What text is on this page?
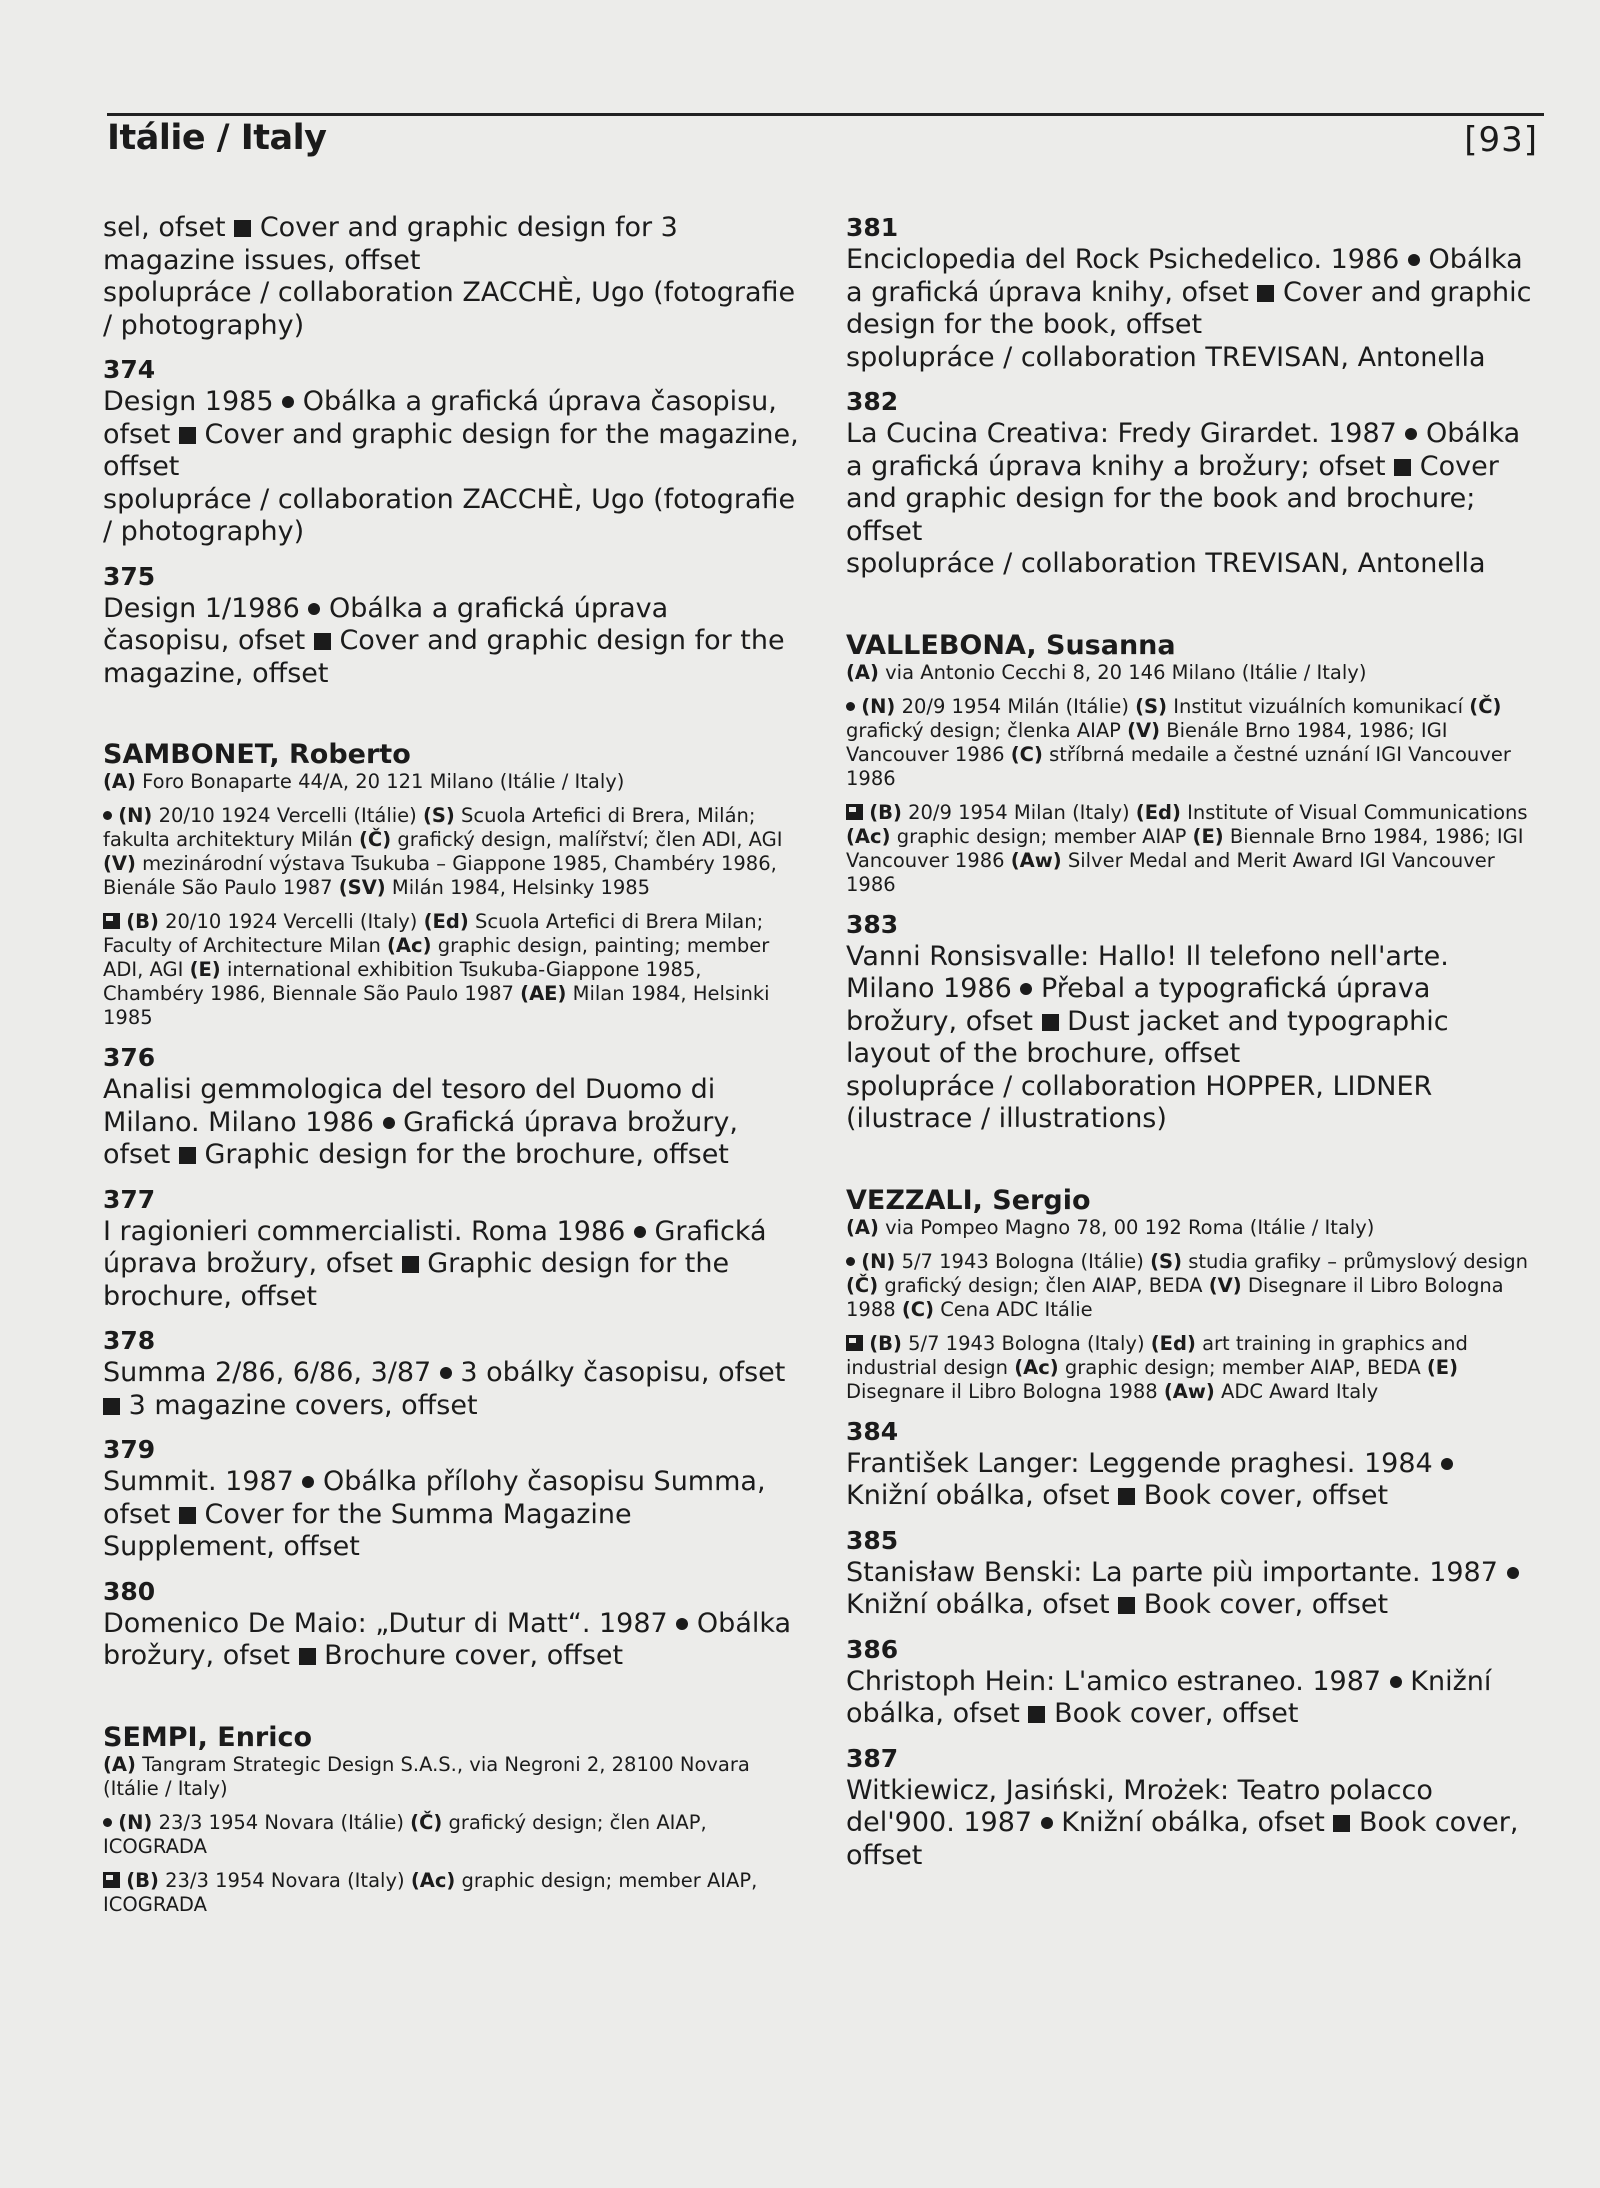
Itálie / Italy	[93]
sel, ofset Cover and graphic design for 3 magazine issues, offset
spolupráce / collaboration ZACCHÈ, Ugo (fotografie / photography)
374
Design 1985 Obálka a grafická úprava časopisu, ofset Cover and graphic design for the magazine, offset
spolupráce / collaboration ZACCHÈ, Ugo (fotografie / photography)
375
Design 1/1986 Obálka a grafická úprava časopisu, ofset Cover and graphic design for the magazine, offset
SAMBONET, Roberto
(A) Foro Bonaparte 44/A, 20 121 Milano (Itálie / Italy)
(N) 20/10 1924 Vercelli (Itálie) (S) Scuola Artefici di Brera, Milán; fakulta architektury Milán (Č) grafický design, malířství; člen ADI, AGI (V) mezinárodní výstava Tsukuba – Giappone 1985, Chambéry 1986, Bienále São Paulo 1987 (SV) Milán 1984, Helsinky 1985
(B) 20/10 1924 Vercelli (Italy) (Ed) Scuola Artefici di Brera Milan; Faculty of Architecture Milan (Ac) graphic design, painting; member ADI, AGI (E) international exhibition Tsukuba-Giappone 1985, Chambéry 1986, Biennale São Paulo 1987 (AE) Milan 1984, Helsinki 1985
376
Analisi gemmologica del tesoro del Duomo di Milano. Milano 1986 Grafická úprava brožury, ofset Graphic design for the brochure, offset
377
I ragionieri commercialisti. Roma 1986 Grafická úprava brožury, ofset Graphic design for the brochure, offset
378
Summa 2/86, 6/86, 3/87 3 obálky časopisu, ofset  3 magazine covers, offset
379
Summit. 1987 Obálka přílohy časopisu Summa, ofset Cover for the Summa Magazine Supplement, offset
380
Domenico De Maio: „Dutur di Matt“. 1987 Obálka brožury, ofset Brochure cover, offset
SEMPI, Enrico
(A) Tangram Strategic Design S.A.S., via Negroni 2, 28100 Novara (Itálie / Italy)
(N) 23/3 1954 Novara (Itálie) (Č) grafický design; člen AIAP, ICOGRADA
(B) 23/3 1954 Novara (Italy) (Ac) graphic design; member AIAP, ICOGRADA
381
Enciclopedia del Rock Psichedelico. 1986 Obálka a grafická úprava knihy, ofset Cover and graphic design for the book, offset
spolupráce / collaboration TREVISAN, Antonella
382
La Cucina Creativa: Fredy Girardet. 1987 Obálka a grafická úprava knihy a brožury; ofset Cover and graphic design for the book and brochure; offset
spolupráce / collaboration TREVISAN, Antonella
VALLEBONA, Susanna
(A) via Antonio Cecchi 8, 20 146 Milano (Itálie / Italy)
(N) 20/9 1954 Milán (Itálie) (S) Institut vizuálních komunikací (Č) grafický design; členka AIAP (V) Bienále Brno 1984, 1986; IGI Vancouver 1986 (C) stříbrná medaile a čestné uznání IGI Vancouver 1986
(B) 20/9 1954 Milan (Italy) (Ed) Institute of Visual Communications (Ac) graphic design; member AIAP (E) Biennale Brno 1984, 1986; IGI Vancouver 1986 (Aw) Silver Medal and Merit Award IGI Vancouver 1986
383
Vanni Ronsisvalle: Hallo! Il telefono nell'arte. Milano 1986 Přebal a typografická úprava brožury, ofset Dust jacket and typographic layout of the brochure, offset
spolupráce / collaboration HOPPER, LIDNER (ilustrace / illustrations)
VEZZALI, Sergio
(A) via Pompeo Magno 78, 00 192 Roma (Itálie / Italy)
(N) 5/7 1943 Bologna (Itálie) (S) studia grafiky – průmyslový design (Č) grafický design; člen AIAP, BEDA (V) Disegnare il Libro Bologna 1988 (C) Cena ADC Itálie
(B) 5/7 1943 Bologna (Italy) (Ed) art training in graphics and industrial design (Ac) graphic design; member AIAP, BEDA (E) Disegnare il Libro Bologna 1988 (Aw) ADC Award Italy
384
František Langer: Leggende praghesi. 1984  Knižní obálka, ofset Book cover, offset
385
Stanisław Benski: La parte più importante. 1987  Knižní obálka, ofset Book cover, offset
386
Christoph Hein: L'amico estraneo. 1987 Knižní obálka, ofset Book cover, offset
387
Witkiewicz, Jasiński, Mrożek: Teatro polacco del'900. 1987 Knižní obálka, ofset Book cover, offset
